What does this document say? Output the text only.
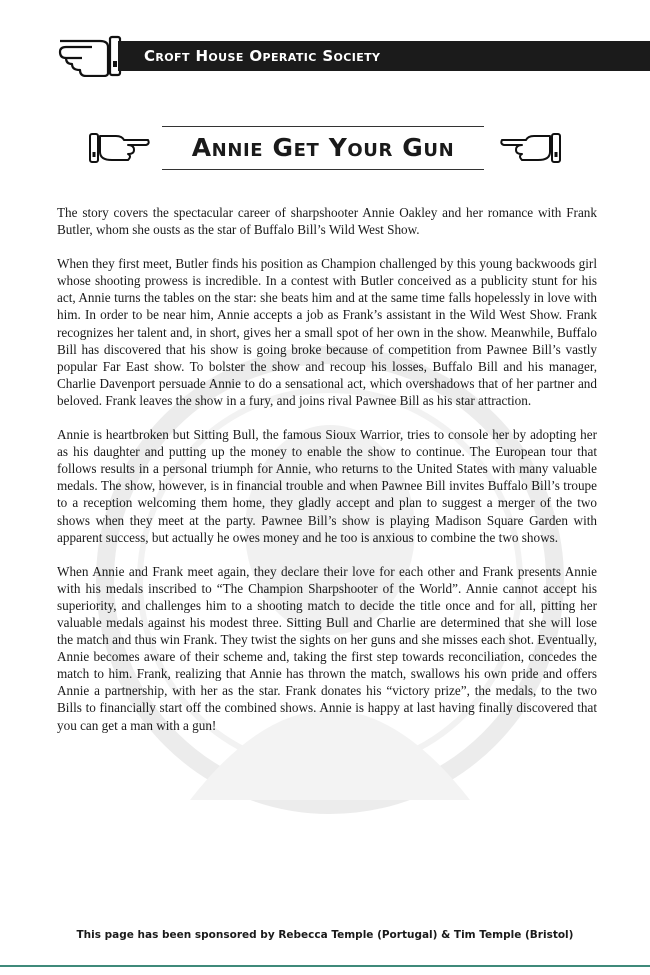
Croft House Operatic Society
Annie Get Your Gun

The story covers the spectacular career of sharpshooter Annie Oakley and her romance with Frank Butler, whom she ousts as the star of Buffalo Bill’s Wild West Show.

When they first meet, Butler finds his position as Champion challenged by this young backwoods girl whose shooting prowess is incredible. In a contest with Butler conceived as a publicity stunt for his act, Annie turns the tables on the star: she beats him and at the same time falls hopelessly in love with him. In order to be near him, Annie accepts a job as Frank’s assistant in the Wild West Show. Frank recognizes her talent and, in short, gives her a small spot of her own in the show. Meanwhile, Buffalo Bill has discovered that his show is going broke because of competition from Pawnee Bill’s vastly popular Far East show. To bolster the show and recoup his losses, Buffalo Bill and his manager, Charlie Davenport persuade Annie to do a sensational act, which overshadows that of her partner and beloved. Frank leaves the show in a fury, and joins rival Pawnee Bill as his star attraction.

Annie is heartbroken but Sitting Bull, the famous Sioux Warrior, tries to console her by adopting her as his daughter and putting up the money to enable the show to continue. The European tour that follows results in a personal triumph for Annie, who returns to the United States with many valuable medals. The show, however, is in financial trouble and when Pawnee Bill invites Buffalo Bill’s troupe to a reception welcoming them home, they gladly accept and plan to suggest a merger of the two shows when they meet at the party. Pawnee Bill’s show is playing Madison Square Garden with apparent success, but actually he owes money and he too is anxious to combine the two shows.

When Annie and Frank meet again, they declare their love for each other and Frank presents Annie with his medals inscribed to “The Champion Sharpshooter of the World”. Annie cannot accept his superiority, and challenges him to a shooting match to decide the title once and for all, pitting her valuable medals against his modest three. Sitting Bull and Charlie are determined that she will lose the match and thus win Frank. They twist the sights on her guns and she misses each shot. Eventually, Annie becomes aware of their scheme and, taking the first step towards reconciliation, concedes the match to him. Frank, realizing that Annie has thrown the match, swallows his own pride and offers Annie a partnership, with her as the star. Frank donates his “victory prize”, the medals, to the two Bills to financially start off the combined shows. Annie is happy at last having finally discovered that you can get a man with a gun!

This page has been sponsored by Rebecca Temple (Portugal) & Tim Temple (Bristol)
